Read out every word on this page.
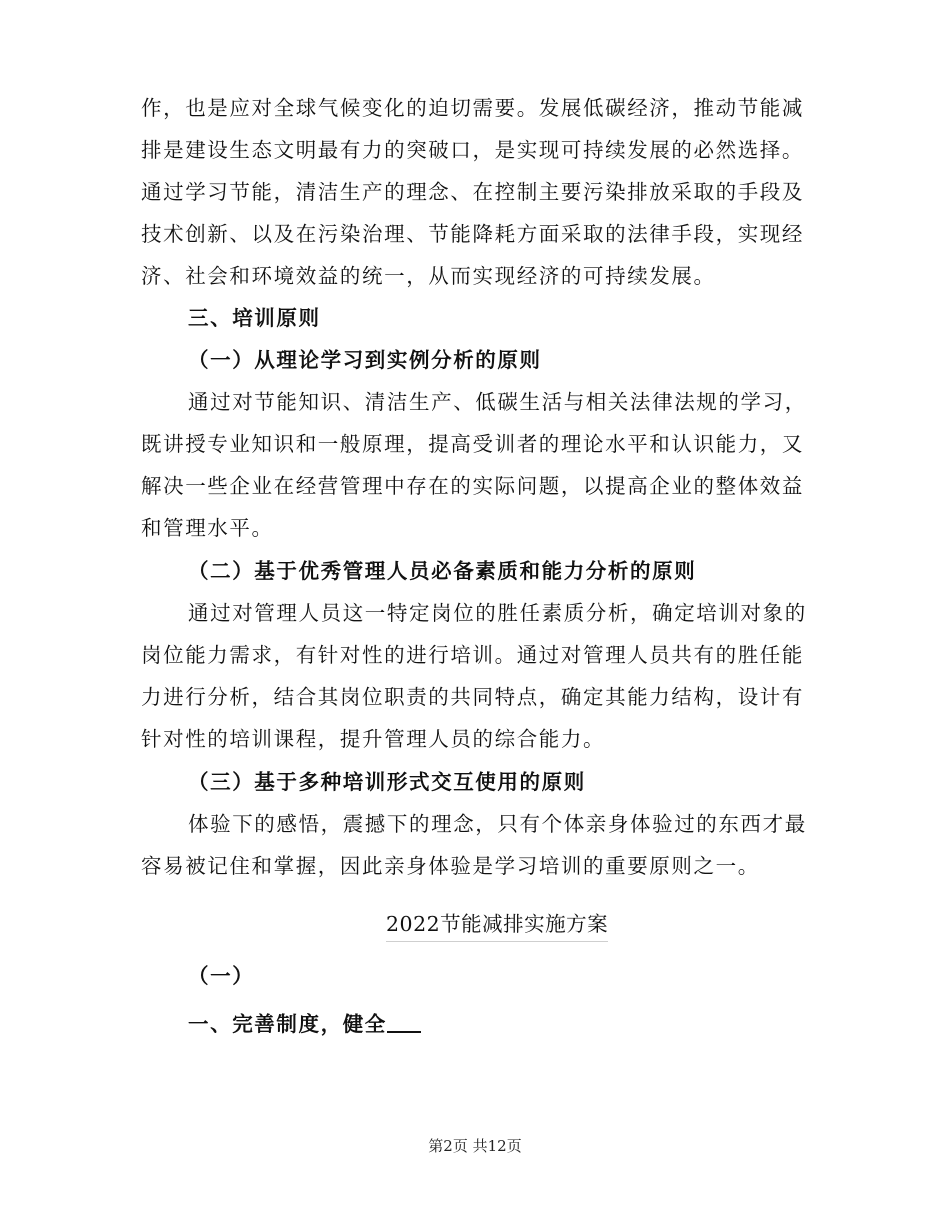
作，也是应对全球气候变化的迫切需要。发展低碳经济，推动节能减
排是建设生态文明最有力的突破口，是实现可持续发展的必然选择。
通过学习节能，清洁生产的理念、在控制主要污染排放采取的手段及
技术创新、以及在污染治理、节能降耗方面采取的法律手段，实现经
济、社会和环境效益的统一，从而实现经济的可持续发展。
三、培训原则
（一）从理论学习到实例分析的原则
通过对节能知识、清洁生产、低碳生活与相关法律法规的学习，
既讲授专业知识和一般原理，提高受训者的理论水平和认识能力，又
解决一些企业在经营管理中存在的实际问题，以提高企业的整体效益
和管理水平。
（二）基于优秀管理人员必备素质和能力分析的原则
通过对管理人员这一特定岗位的胜任素质分析，确定培训对象的
岗位能力需求，有针对性的进行培训。通过对管理人员共有的胜任能
力进行分析，结合其岗位职责的共同特点，确定其能力结构，设计有
针对性的培训课程，提升管理人员的综合能力。
（三）基于多种培训形式交互使用的原则
体验下的感悟，震撼下的理念，只有个体亲身体验过的东西才最
容易被记住和掌握，因此亲身体验是学习培训的重要原则之一。
2022节能减排实施方案
（一）
一、完善制度，健全
第2页 共12页
